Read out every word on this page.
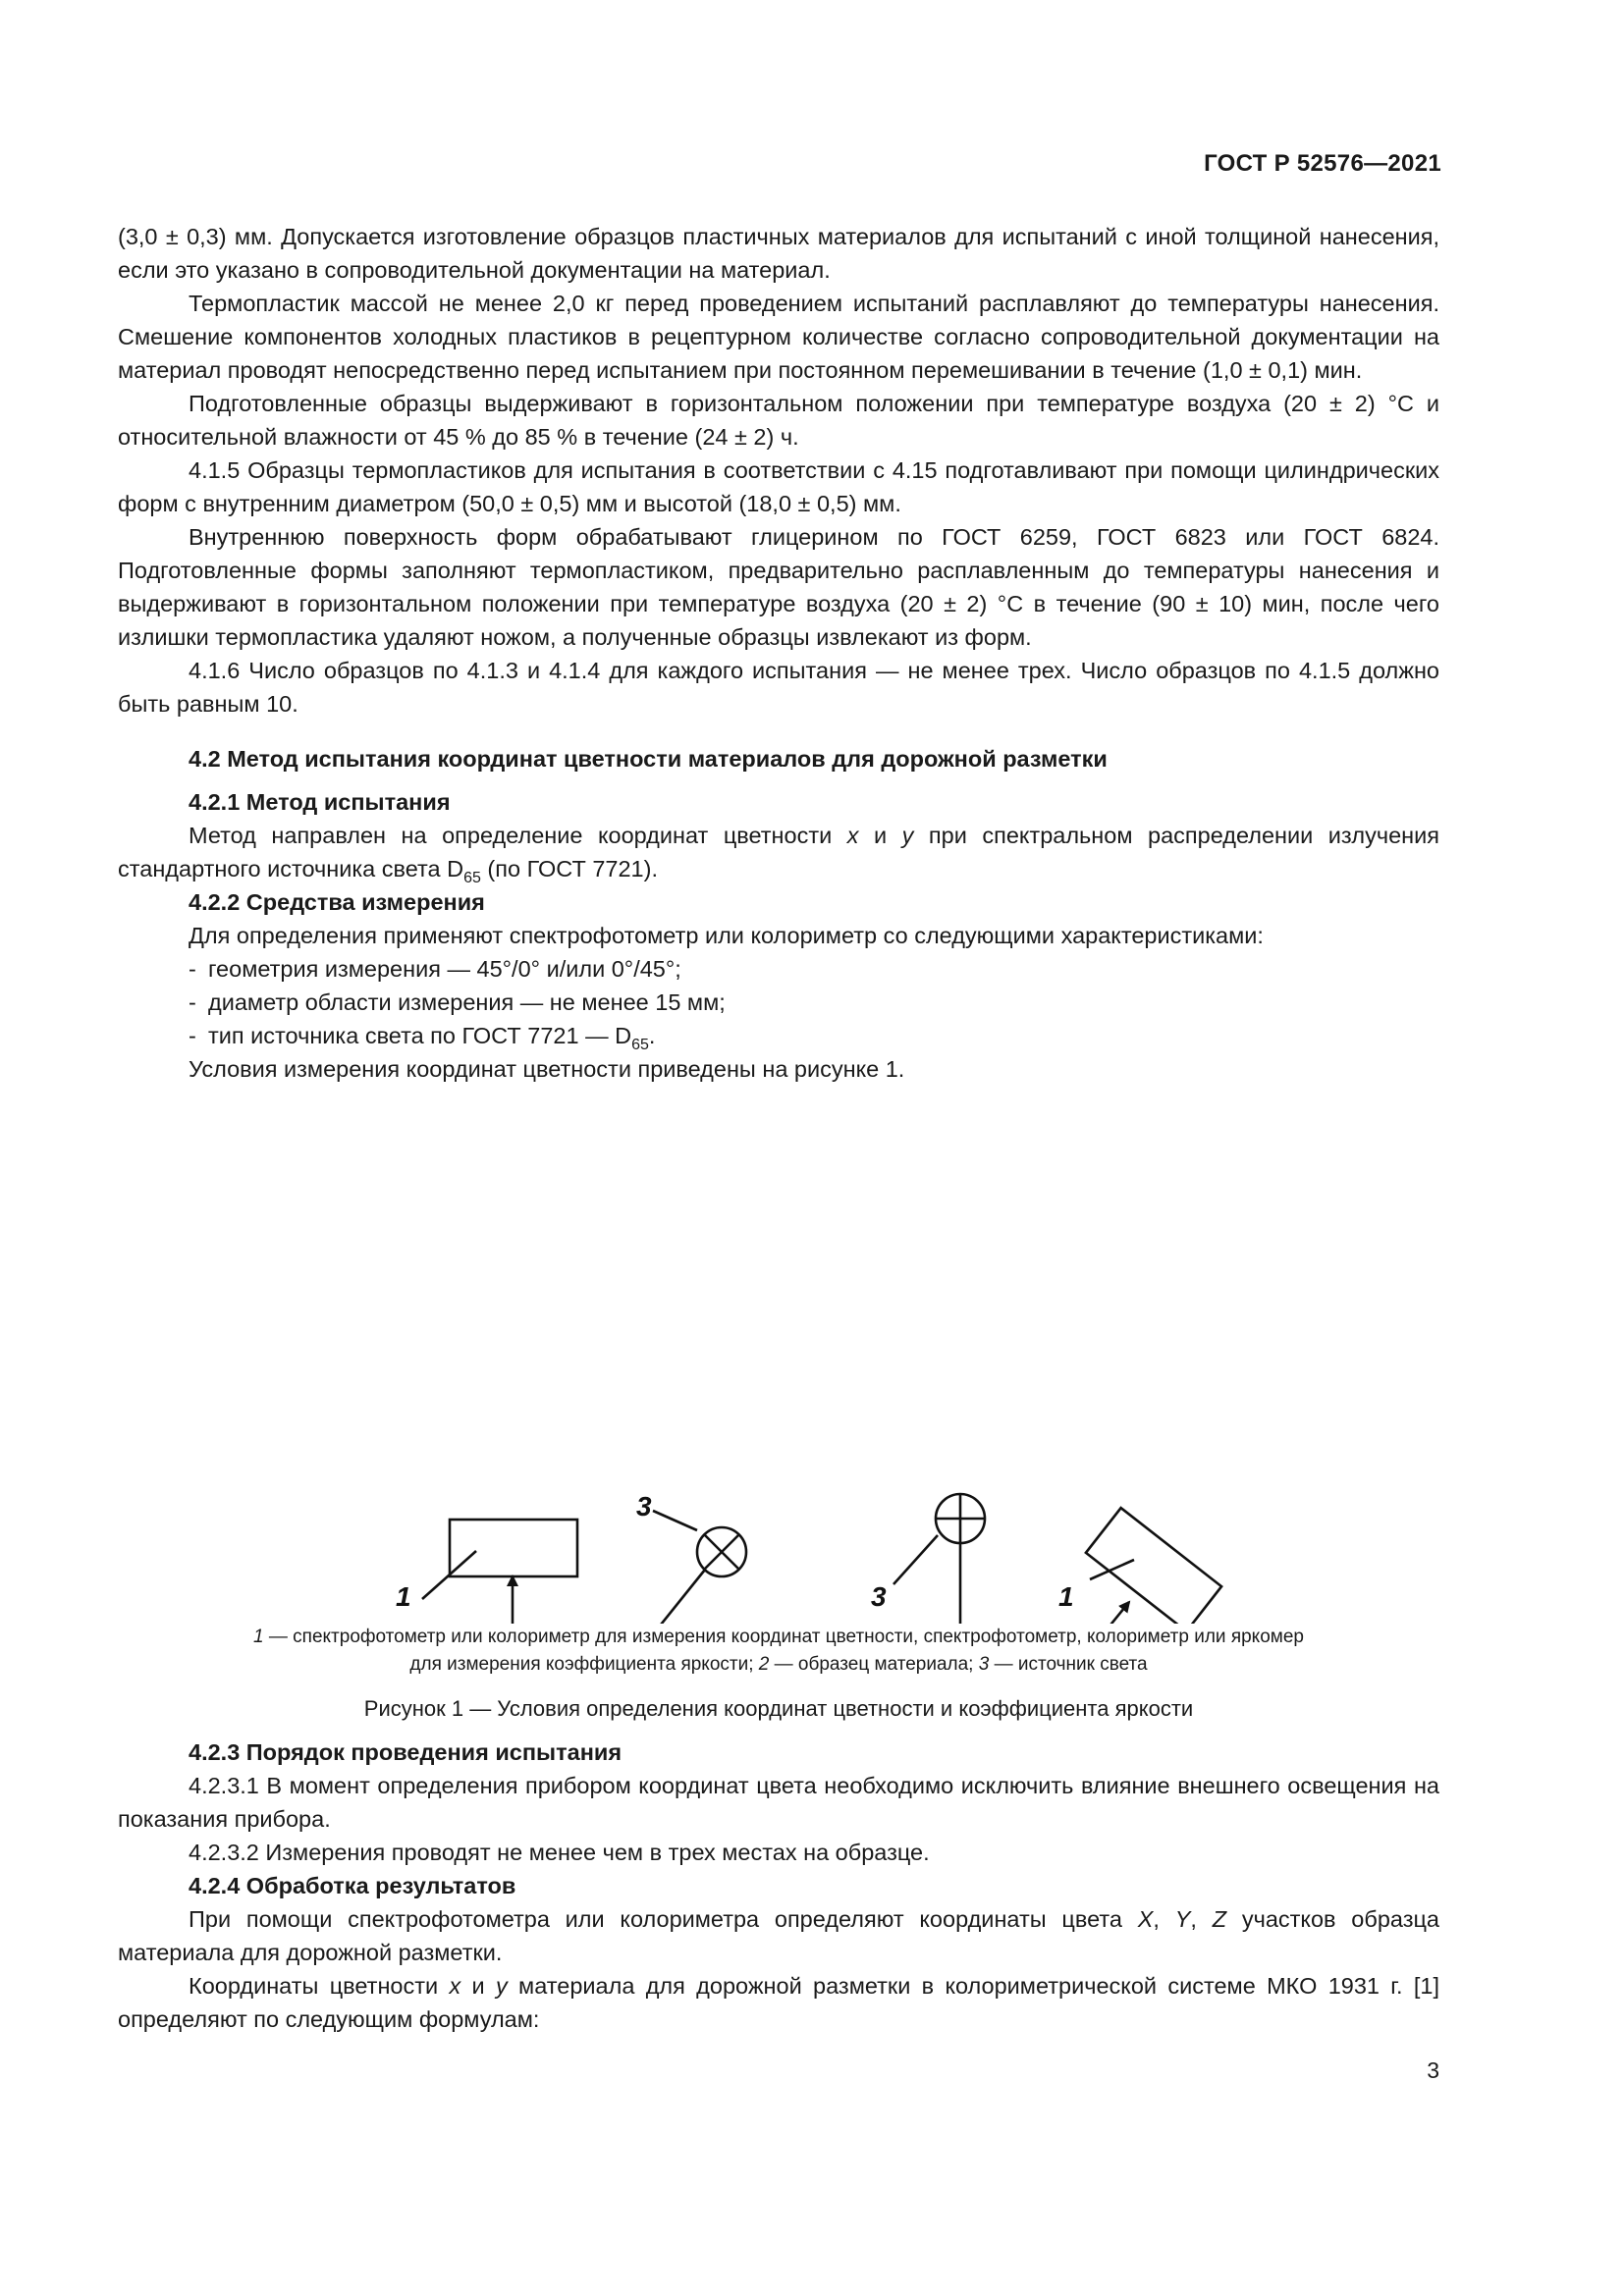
ГОСТ Р 52576—2021

(3,0 ± 0,3) мм. Допускается изготовление образцов пластичных материалов для испытаний с иной толщиной нанесения, если это указано в сопроводительной документации на материал.

Термопластик массой не менее 2,0 кг перед проведением испытаний расплавляют до температуры нанесения. Смешение компонентов холодных пластиков в рецептурном количестве согласно сопроводительной документации на материал проводят непосредственно перед испытанием при постоянном перемешивании в течение (1,0 ± 0,1) мин.

Подготовленные образцы выдерживают в горизонтальном положении при температуре воздуха (20 ± 2) °С и относительной влажности от 45 % до 85 % в течение (24 ± 2) ч.

4.1.5 Образцы термопластиков для испытания в соответствии с 4.15 подготавливают при помощи цилиндрических форм с внутренним диаметром (50,0 ± 0,5) мм и высотой (18,0 ± 0,5) мм.

Внутреннюю поверхность форм обрабатывают глицерином по ГОСТ 6259, ГОСТ 6823 или ГОСТ 6824. Подготовленные формы заполняют термопластиком, предварительно расплавленным до температуры нанесения и выдерживают в горизонтальном положении при температуре воздуха (20 ± 2) °С в течение (90 ± 10) мин, после чего излишки термопластика удаляют ножом, а полученные образцы извлекают из форм.

4.1.6 Число образцов по 4.1.3 и 4.1.4 для каждого испытания — не менее трех. Число образцов по 4.1.5 должно быть равным 10.

4.2 Метод испытания координат цветности материалов для дорожной разметки

4.2.1 Метод испытания

Метод направлен на определение координат цветности x и y при спектральном распределении излучения стандартного источника света $D_{65}$ (по ГОСТ 7721).

4.2.2 Средства измерения

Для определения применяют спектрофотометр или колориметр со следующими характеристиками:

- геометрия измерения — 45°/0° и/или 0°/45°;

- диаметр области измерения — не менее 15 мм;

- тип источника света по ГОСТ 7721 — $D_{65}$.

Условия измерения координат цветности приведены на рисунке 1.

1
3
3	1
1 — спектрофотометр или колориметр для измерения координат цветности, спектрофотометр, колориметр или яркомер
для измерения коэффициента яркости; 2 — образец материала; 3 — источник света
Рисунок 1 — Условия определения координат цветности и коэффициента яркости

4.2.3 Порядок проведения испытания

4.2.3.1 В момент определения прибором координат цвета необходимо исключить влияние внешнего освещения на показания прибора.

4.2.3.2 Измерения проводят не менее чем в трех местах на образце.

4.2.4 Обработка результатов

При помощи спектрофотометра или колориметра определяют координаты цвета X, Y, Z участков образца материала для дорожной разметки.

Координаты цветности x и y материала для дорожной разметки в колориметрической системе МКО 1931 г. [1] определяют по следующим формулам:

3
